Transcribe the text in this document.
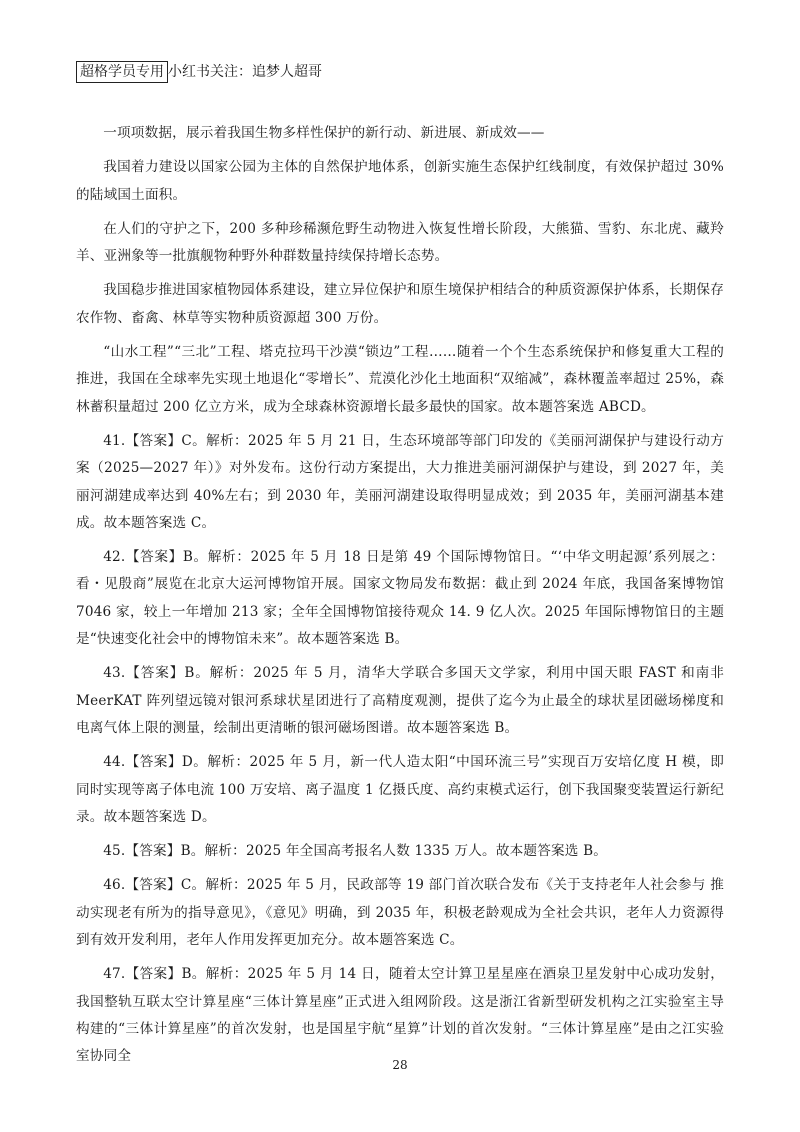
超格学员专用 小红书关注：追梦人超哥

一项项数据，展示着我国生物多样性保护的新行动、新进展、新成效——

我国着力建设以国家公园为主体的自然保护地体系，创新实施生态保护红线制度，有效保护超过 30%的陆域国土面积。

在人们的守护之下，200 多种珍稀濒危野生动物进入恢复性增长阶段，大熊猫、雪豹、东北虎、藏羚羊、亚洲象等一批旗舰物种野外种群数量持续保持增长态势。

我国稳步推进国家植物园体系建设，建立异位保护和原生境保护相结合的种质资源保护体系，长期保存农作物、畜禽、林草等实物种质资源超 300 万份。

“山水工程”“三北”工程、塔克拉玛干沙漠“锁边”工程……随着一个个生态系统保护和修复重大工程的推进，我国在全球率先实现土地退化“零增长”、荒漠化沙化土地面积“双缩减”，森林覆盖率超过 25%，森林蓄积量超过 200 亿立方米，成为全球森林资源增长最多最快的国家。故本题答案选 ABCD。

41.【答案】C。解析：2025 年 5 月 21 日，生态环境部等部门印发的《美丽河湖保护与建设行动方案（2025—2027 年）》对外发布。这份行动方案提出，大力推进美丽河湖保护与建设，到 2027 年，美丽河湖建成率达到 40%左右；到 2030 年，美丽河湖建设取得明显成效；到 2035 年，美丽河湖基本建成。故本题答案选 C。

42.【答案】B。解析：2025 年 5 月 18 日是第 49 个国际博物馆日。“‘中华文明起源’系列展之：看・见殷商”展览在北京大运河博物馆开展。国家文物局发布数据：截止到 2024 年底，我国备案博物馆 7046 家，较上一年增加 213 家；全年全国博物馆接待观众 14. 9 亿人次。2025 年国际博物馆日的主题是“快速变化社会中的博物馆未来”。故本题答案选 B。

43.【答案】B。解析：2025 年 5 月，清华大学联合多国天文学家，利用中国天眼 FAST 和南非 MeerKAT 阵列望远镜对银河系球状星团进行了高精度观测，提供了迄今为止最全的球状星团磁场梯度和电离气体上限的测量，绘制出更清晰的银河磁场图谱。故本题答案选 B。

44.【答案】D。解析：2025 年 5 月，新一代人造太阳“中国环流三号”实现百万安培亿度 H 模，即同时实现等离子体电流 100 万安培、离子温度 1 亿摄氏度、高约束模式运行，创下我国聚变装置运行新纪录。故本题答案选 D。

45.【答案】B。解析：2025 年全国高考报名人数 1335 万人。故本题答案选 B。

46.【答案】C。解析：2025 年 5 月，民政部等 19 部门首次联合发布《关于支持老年人社会参与 推动实现老有所为的指导意见》，《意见》明确，到 2035 年，积极老龄观成为全社会共识，老年人力资源得到有效开发利用，老年人作用发挥更加充分。故本题答案选 C。

47.【答案】B。解析：2025 年 5 月 14 日，随着太空计算卫星星座在酒泉卫星发射中心成功发射，我国整轨互联太空计算星座“三体计算星座”正式进入组网阶段。这是浙江省新型研发机构之江实验室主导构建的“三体计算星座”的首次发射，也是国星宇航“星算”计划的首次发射。“三体计算星座”是由之江实验室协同全

28
